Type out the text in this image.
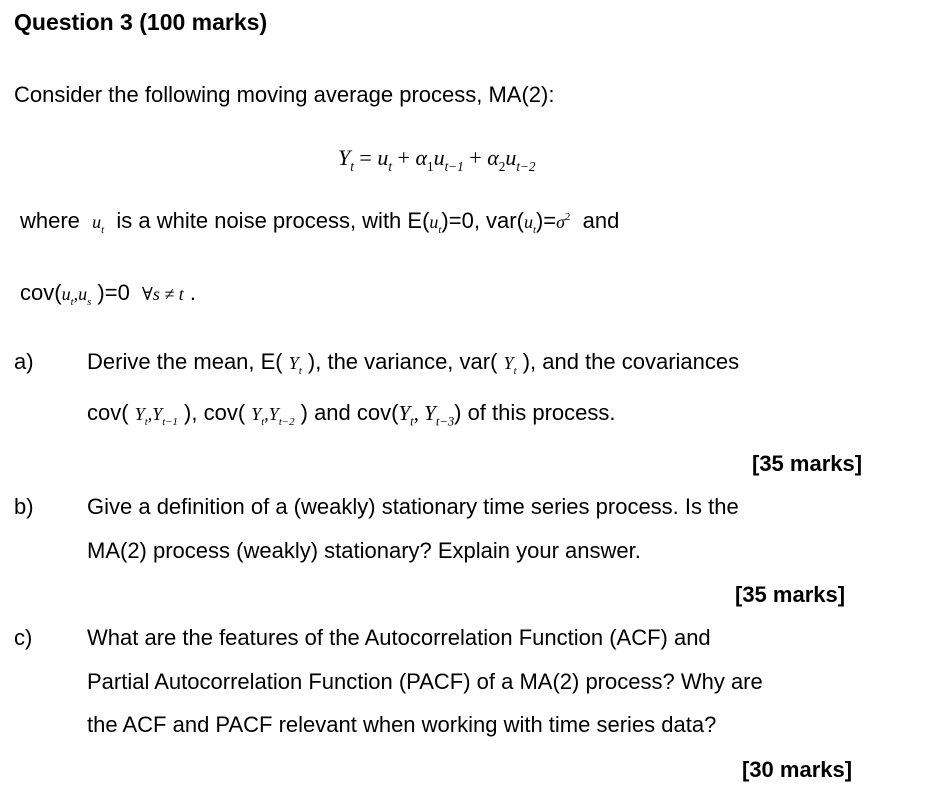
Question 3 (100 marks)
Consider the following moving average process, MA(2):
$Y_t = u_t + \alpha_1u_{t-1} + \alpha_2u_{t-2}$
where $u_t$ is a white noise process, with $E(u_t)=0$, $var(u_t)=\sigma^2$ and
$cov(u_t,u_s$ )=0 ∀s ≠ t .
a) Derive the mean, E( $Y_t$ ), the variance, var( $Y_t$ ), and the covariances
cov( $Y_t,Y_{t-1}$ ), cov( $Y_t,Y_{t-2}$ ) and $cov(Y_t$, $Y_{t-3}$) of this process.
[35 marks]
b) Give a definition of a (weakly) stationary time series process. Is the
MA(2) process (weakly) stationary? Explain your answer.
[35 marks]
c) What are the features of the Autocorrelation Function (ACF) and
Partial Autocorrelation Function (PACF) of a MA(2) process? Why are
the ACF and PACF relevant when working with time series data?
[30 marks]
